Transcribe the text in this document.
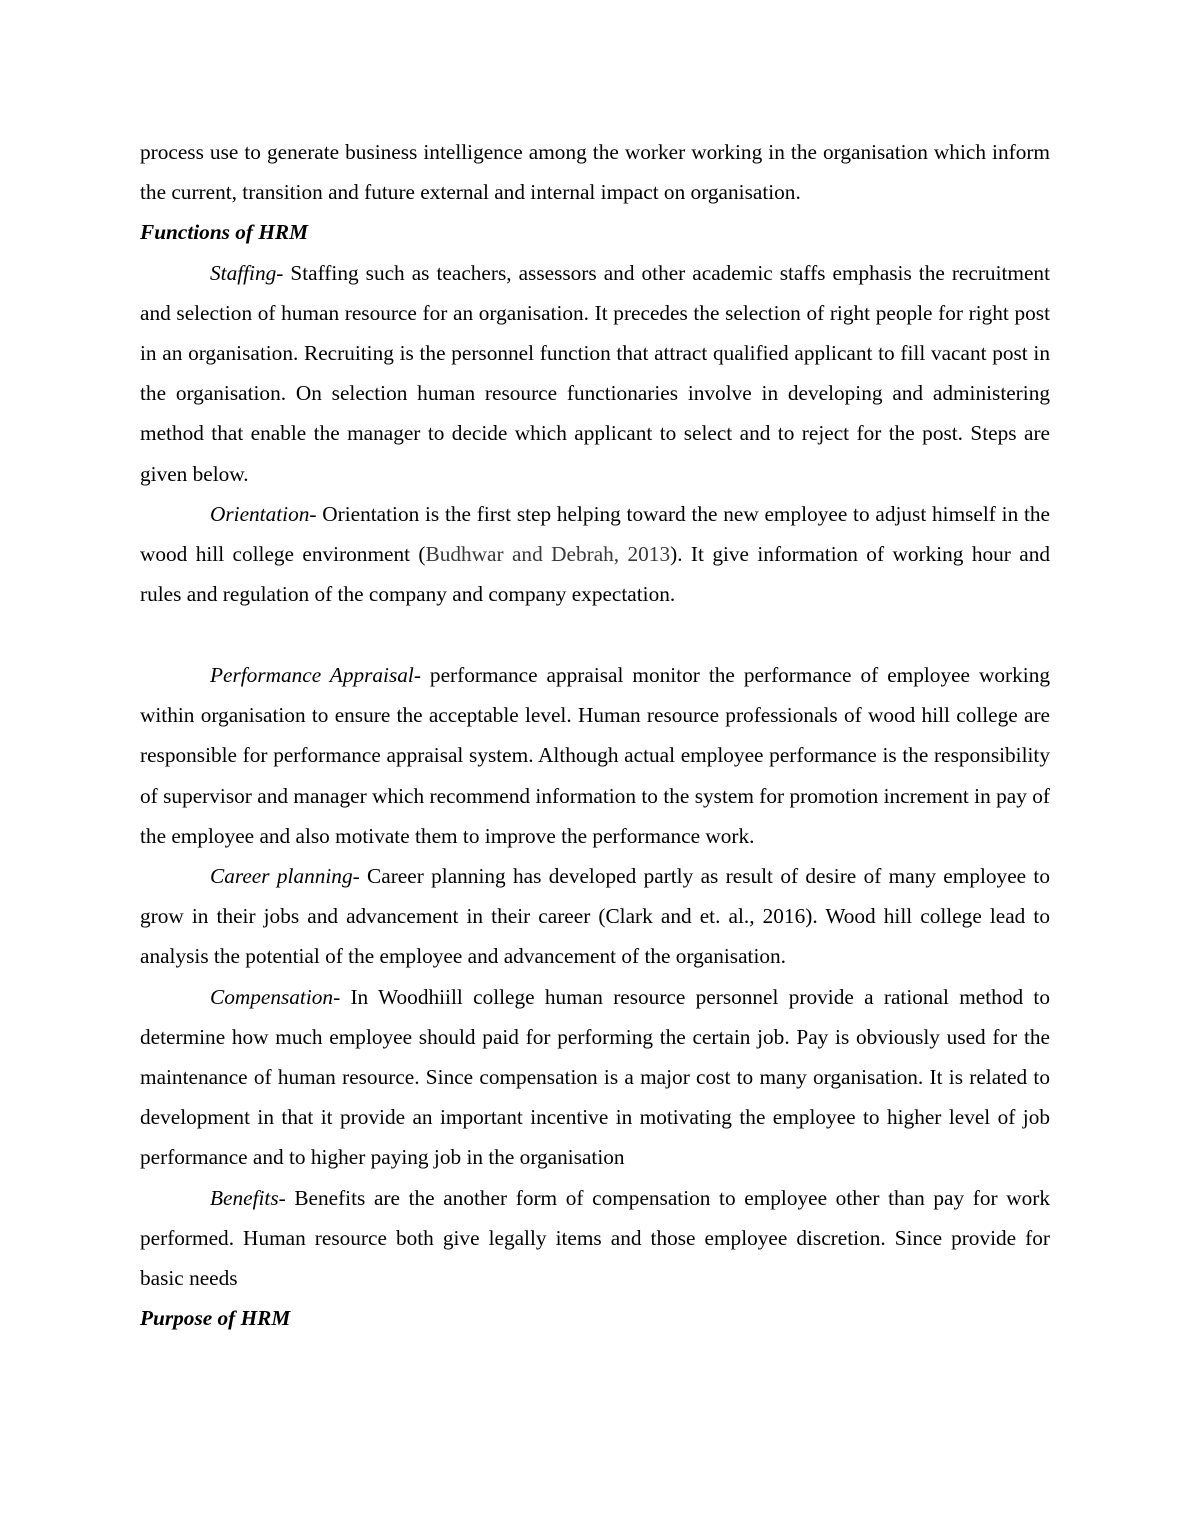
process use to generate business intelligence among the worker working in the organisation which inform the current, transition and future external and internal impact on organisation.

Functions of HRM

Staffing- Staffing such as teachers, assessors and other academic staffs emphasis the recruitment and selection of human resource for an organisation. It precedes the selection of right people for right post in an organisation. Recruiting is the personnel function that attract qualified applicant to fill vacant post in the organisation. On selection human resource functionaries involve in developing and administering method that enable the manager to decide which applicant to select and to reject for the post. Steps are given below.

Orientation- Orientation is the first step helping toward the new employee to adjust himself in the wood hill college environment (Budhwar and Debrah, 2013). It give information of working hour and rules and regulation of the company and company expectation.

Performance Appraisal- performance appraisal monitor the performance of employee working within organisation to ensure the acceptable level. Human resource professionals of wood hill college are responsible for performance appraisal system. Although actual employee performance is the responsibility of supervisor and manager which recommend information to the system for promotion increment in pay of the employee and also motivate them to improve the performance work.

Career planning- Career planning has developed partly as result of desire of many employee to grow in their jobs and advancement in their career (Clark and et. al., 2016). Wood hill college lead to analysis the potential of the employee and advancement of the organisation.

Compensation- In Woodhiill college human resource personnel provide a rational method to determine how much employee should paid for performing the certain job. Pay is obviously used for the maintenance of human resource. Since compensation is a major cost to many organisation. It is related to development in that it provide an important incentive in motivating the employee to higher level of job performance and to higher paying job in the organisation

Benefits- Benefits are the another form of compensation to employee other than pay for work performed. Human resource both give legally items and those employee discretion. Since provide for basic needs

Purpose of HRM
